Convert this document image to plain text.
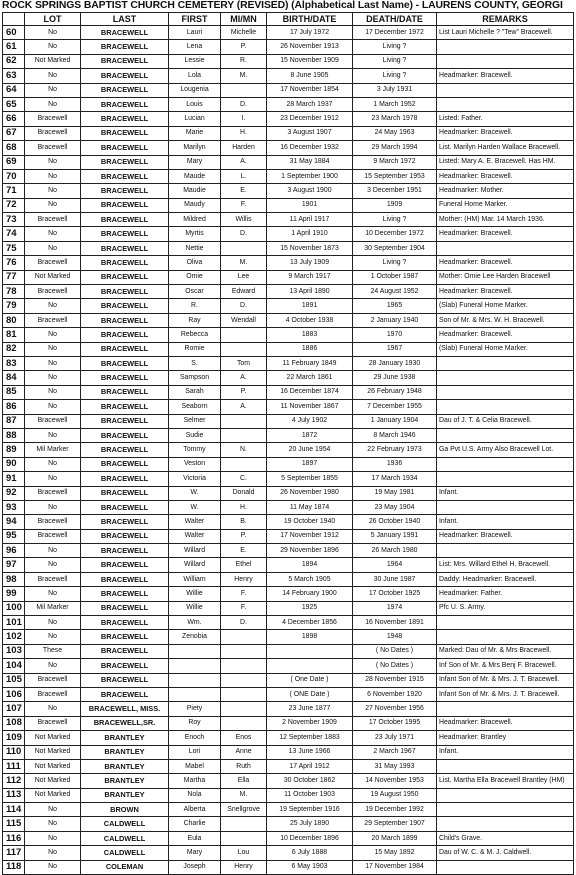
ROCK SPRINGS BAPTIST CHURCH CEMETERY (REVISED) (Alphabetical Last Name) - LAURENS COUNTY, GEORGI
	LOT	LAST	FIRST	MI/MN	BIRTH/DATE	DEATH/DATE	REMARKS
60	No	BRACEWELL	Lauri	Michelle	17 July 1972	17 December 1972	List Lauri Michelle ? "Tew" Bracewell.
61	No	BRACEWELL	Lena	P.	26 November 1913	Living ?	
62	Not Marked	BRACEWELL	Lessie	R.	15 November 1909	Living ?	
63	No	BRACEWELL	Lola	M.	8 June 1905	Living ?	Headmarker: Bracewell.
64	No	BRACEWELL	Lougenia		17 November 1854	3 July 1931	
65	No	BRACEWELL	Louis	D.	28 March 1937	1 March 1952	
66	Bracewell	BRACEWELL	Lucian	I.	23 December 1912	23 March 1978	Listed: Father.
67	Bracewell	BRACEWELL	Marie	H.	3 August 1907	24 May 1963	Headmarker: Bracewell.
68	Bracewell	BRACEWELL	Marilyn	Harden	16 December 1932	29 March 1994	List. Marilyn Harden Wallace Bracewell.
69	No	BRACEWELL	Mary	A.	31 May 1884	9 March 1972	Listed: Mary A. E. Bracewell. Has HM.
70	No	BRACEWELL	Maude	L.	1 September 1900	15 September 1953	Headmarker: Bracewell.
71	No	BRACEWELL	Maudie	E.	3 August 1900	3 December 1951	Headmarker: Mother.
72	No	BRACEWELL	Maudy	F.	1901	1909	Funeral Home Marker.
73	Bracewell	BRACEWELL	Mildred	Willis	11 April 1917	Living ?	Mother: (HM) Mar. 14 March 1936.
74	No	BRACEWELL	Myrtis	D.	1 April 1910	10 December 1972	Headmarker: Bracewell.
75	No	BRACEWELL	Nettie		15 November 1873	30 September 1904	
76	Bracewell	BRACEWELL	Oliva	M.	13 July 1909	Living ?	Headmarker: Bracewell.
77	Not Marked	BRACEWELL	Omie	Lee	9 March 1917	1 October 1987	Mother: Omie Lee Harden Bracewell
78	Bracewell	BRACEWELL	Oscar	Edward	13 April 1890	24 August 1952	Headmarker: Bracewell.
79	No	BRACEWELL	R.	D.	1891	1965	(Slab) Funeral Home Marker.
80	Bracewell	BRACEWELL	Ray	Wendall	4 October 1938	2 January 1940	Son of Mr. & Mrs. W. H. Bracewell.
81	No	BRACEWELL	Rebecca		1883	1970	Headmarker: Bracewell.
82	No	BRACEWELL	Romie		1886	1967	(Slab) Funeral Home Marker.
83	No	BRACEWELL	S.	Tom	11 February 1849	28 January 1930	
84	No	BRACEWELL	Sampson	A.	22 March 1861	29 June 1938	
85	No	BRACEWELL	Sarah	P.	16 December 1874	26 February 1948	
86	No	BRACEWELL	Seaborn	A.	11 November 1867	7 December 1955	
87	Bracewell	BRACEWELL	Selmer		4 July 1902	1 January 1904	Dau of J. T. & Celia Bracewell.
88	No	BRACEWELL	Sudie		1872	8 March 1946	
89	Mil Marker	BRACEWELL	Tommy	N.	20 June 1954	22 February 1973	Ga Pvt U.S. Army Also Bracewell Lot.
90	No	BRACEWELL	Veston		1897	1936	
91	No	BRACEWELL	Victoria	C.	5 September 1855	17 March 1934	
92	Bracewell	BRACEWELL	W.	Donald	26 November 1980	19 May 1981	Infant.
93	No	BRACEWELL	W.	H.	11 May 1874	23 May 1904	
94	Bracewell	BRACEWELL	Walter	B.	19 October 1940	26 October 1940	Infant.
95	Bracewell	BRACEWELL	Walter	P.	17 November 1912	5 January 1991	Headmarker: Bracewell.
96	No	BRACEWELL	Willard	E.	29 November 1896	26 March 1980	
97	No	BRACEWELL	Willard	Ethel	1894	1964	List: Mrs. Willard Ethel H. Bracewell.
98	Bracewell	BRACEWELL	William	Henry	5 March 1905	30 June 1987	Daddy: Headmarker: Bracewell.
99	No	BRACEWELL	Willie	F.	14 February 1900	17 October 1925	Headmarker: Father.
100	Mil Marker	BRACEWELL	Willie	F.	1925	1974	Pfc U. S. Army.
101	No	BRACEWELL	Wm.	D.	4 December 1856	16 November 1891	
102	No	BRACEWELL	Zenobia		1898	1948	
103	These	BRACEWELL				( No Dates )	Marked: Dau of Mr. & Mrs Bracewell.
104	No	BRACEWELL				( No Dates )	Inf Son of Mr. & Mrs Benj F. Bracewell.
105	Bracewell	BRACEWELL			( One Date )	28 November 1915	Infant Son of Mr. & Mrs. J. T. Bracewell.
106	Bracewell	BRACEWELL			( ONE Date )	6 November 1920	Infant Son of Mr. & Mrs. J. T. Bracewell.
107	No	BRACEWELL, MISS.	Piety		23 June 1877	27 November 1956	
108	Bracewell	BRACEWELL,SR.	Roy		2 November 1909	17 October 1995	Headmarker: Bracewell.
109	Not Marked	BRANTLEY	Enoch	Enos	12 September 1883	23 July 1971	Headmarker: Brantley
110	Not Marked	BRANTLEY	Lori	Anne	13 June 1966	2 March 1967	Infant.
111	Not Marked	BRANTLEY	Mabel	Ruth	17 April 1912	31 May 1993	
112	Not Marked	BRANTLEY	Martha	Ella	30 October 1862	14 November 1953	List. Martha Ella Bracewell Brantley (HM)
113	Not Marked	BRANTLEY	Nola	M.	11 October 1903	19 August 1950	
114	No	BROWN	Alberta	Snellgrove	19 September 1916	19 December 1992	
115	No	CALDWELL	Charlie		25 July 1890	29 September 1907	
116	No	CALDWELL	Eula		10 December 1896	20 March 1899	Child's Grave.
117	No	CALDWELL	Mary	Lou	6 July 1888	15 May 1892	Dau of W. C. & M. J. Caldwell.
118	No	COLEMAN	Joseph	Henry	6 May 1903	17 November 1984	
